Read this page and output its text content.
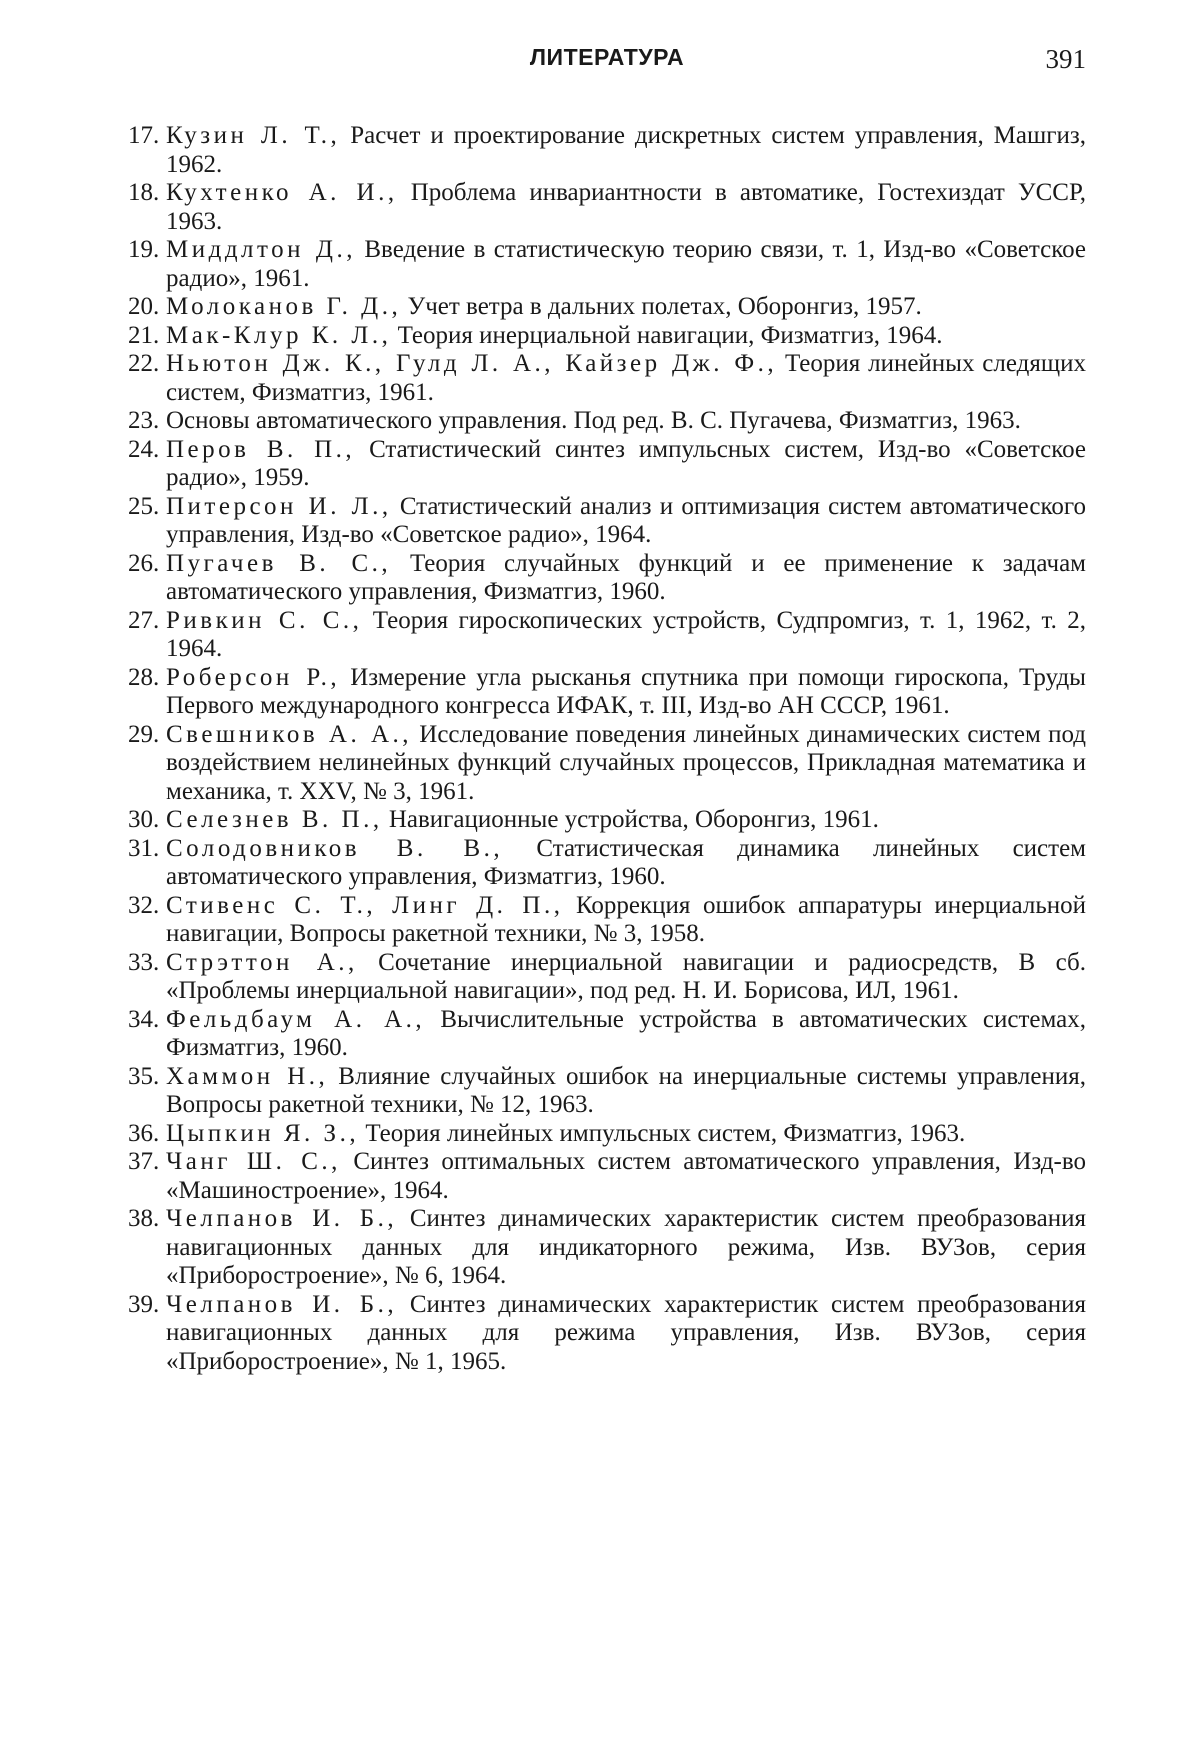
ЛИТЕРАТУРА	391
17. Кузин Л. Т., Расчет и проектирование дискретных систем управления, Машгиз, 1962.
18. Кухтенко А. И., Проблема инвариантности в автоматике, Гостехиздат УССР, 1963.
19. Миддлтон Д., Введение в статистическую теорию связи, т. 1, Изд-во «Советское радио», 1961.
20. Молоканов Г. Д., Учет ветра в дальних полетах, Оборонгиз, 1957.
21. Мак-Клур К. Л., Теория инерциальной навигации, Физматгиз, 1964.
22. Ньютон Дж. К., Гулд Л. А., Кайзер Дж. Ф., Теория линейных следящих систем, Физматгиз, 1961.
23. Основы автоматического управления. Под ред. В. С. Пугачева, Физматгиз, 1963.
24. Перов В. П., Статистический синтез импульсных систем, Изд-во «Советское радио», 1959.
25. Питерсон И. Л., Статистический анализ и оптимизация систем автоматического управления, Изд-во «Советское радио», 1964.
26. Пугачев В. С., Теория случайных функций и ее применение к задачам автоматического управления, Физматгиз, 1960.
27. Ривкин С. С., Теория гироскопических устройств, Судпромгиз, т. 1, 1962, т. 2, 1964.
28. Роберсон Р., Измерение угла рысканья спутника при помощи гироскопа, Труды Первого международного конгресса ИФАК, т. III, Изд-во АН СССР, 1961.
29. Свешников А. А., Исследование поведения линейных динамических систем под воздействием нелинейных функций случайных процессов, Прикладная математика и механика, т. XXV, № 3, 1961.
30. Селезнев В. П., Навигационные устройства, Оборонгиз, 1961.
31. Солодовников В. В., Статистическая динамика линейных систем автоматического управления, Физматгиз, 1960.
32. Стивенс С. Т., Линг Д. П., Коррекция ошибок аппаратуры инерциальной навигации, Вопросы ракетной техники, № 3, 1958.
33. Стрэттон А., Сочетание инерциальной навигации и радиосредств, В сб. «Проблемы инерциальной навигации», под ред. Н. И. Борисова, ИЛ, 1961.
34. Фельдбаум А. А., Вычислительные устройства в автоматических системах, Физматгиз, 1960.
35. Хаммон Н., Влияние случайных ошибок на инерциальные системы управления, Вопросы ракетной техники, № 12, 1963.
36. Цыпкин Я. З., Теория линейных импульсных систем, Физматгиз, 1963.
37. Чанг Ш. С., Синтез оптимальных систем автоматического управления, Изд-во «Машиностроение», 1964.
38. Челпанов И. Б., Синтез динамических характеристик систем преобразования навигационных данных для индикаторного режима, Изв. ВУЗов, серия «Приборостроение», № 6, 1964.
39. Челпанов И. Б., Синтез динамических характеристик систем преобразования навигационных данных для режима управления, Изв. ВУЗов, серия «Приборостроение», № 1, 1965.
